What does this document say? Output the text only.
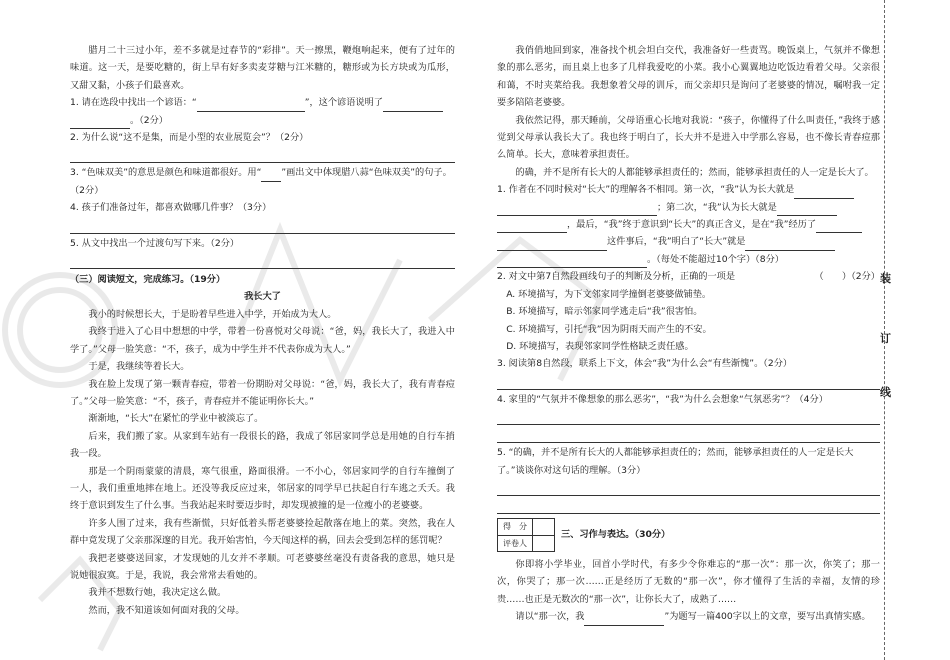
腊月二十三过小年，差不多就是过春节的“彩排”。天一擦黑，鞭炮响起来，便有了过年的味道。这一天，是要吃糖的，街上早有好多卖麦芽糖与江米糖的，糖形或为长方块或为瓜形，又甜又黏，小孩子们最喜欢。

1. 请在选段中找出一个谚语：“	”，这个谚语说明了

。（2分）

2. 为什么说“这不是集，而是小型的农业展览会”？（2分）

3. “色味双美”的意思是颜色和味道都很好。用“ ”画出文中体现腊八蒜“色味双美”的句子。（2分）

4. 孩子们准备过年，都喜欢做哪几件事？（3分）

5. 从文中找出一个过渡句写下来。（2分）

（三）阅读短文，完成练习。（19分）

我长大了

我小的时候想长大，于是盼着早些进入中学，开始成为大人。

我终于进入了心目中想想的中学，带着一份喜悦对父母说：“爸，妈，我长大了，我进入中学了。”父母一脸笑意：“不，孩子，成为中学生并不代表你成为大人。”

于是，我继续等着长大。

我在脸上发现了第一颗青春痘，带着一份期盼对父母说：“爸，妈，我长大了，我有青春痘了。”父母一脸笑意：“不，孩子，青春痘并不能证明你长大。”

渐渐地，“长大”在紧忙的学业中被淡忘了。

后来，我们搬了家。从家到车站有一段很长的路，我成了邻居家同学总是用她的自行车捎我一段。

那是一个阴雨蒙蒙的清晨，寒气很重，路面很滑。一不小心，邻居家同学的自行车撞倒了一人，我们重重地摔在地上。还没等我反应过来，邻居家的同学早已扶起自行车逃之夭夭。我终于意识到发生了什么事。当我站起来时要迈步时，却发现被撞的是一位瘦小的老婆婆。

许多人围了过来，我有些渐慌，只好低着头帮老婆婆捡起散落在地上的菜。突然，我在人群中竟发现了父亲那深邃的目光。我开始害怕，今天闯这样的祸，回去会受到怎样的惩罚呢？

我把老婆婆送回家，才发现她的儿女并不孝顺。可老婆婆丝毫没有责备我的意思，她只是说她很寂寞。于是，我说，我会常常去看她的。

我并不想数行她，我决定这么做。

然而，我不知道该如何面对我的父母。

我俏俏地回到家，准备找个机会坦白交代，我准备好一些责骂。晚饭桌上，气氛并不像想象的那么恶劣，而且桌上也多了几样我爱吃的小菜。我小心翼翼地边吃饭边看着父母。父亲很和蔼，不时夹菜给我。我想象着父母的训斥，而父亲却只是询问了老婆婆的情况，嘱咐我一定要多陪陪老婆婆。

我依然记得，那天睡前，父母语重心长地对我说：“孩子，你懂得了什么叫责任，”我终于感觉到父母承认我长大了。我也终于明白了，长大并不是进入中学那么容易，也不像长青春痘那么简单。长大，意味着承担责任。

的确，并不是所有长大的人都能够承担责任的；然而，能够承担责任的人一定是长大了。

1. 作者在不同时候对“长大”的理解各不相同。第一次，“我”认为长大就是

；第二次，“我”认为长大就是

，最后，“我”终于意识到“长大”的真正含义，是在“我”经历了

这件事后，“我”明白了“长大”就是

。（每处不能超过10个字）（8分）

2. 对文中第7自然段画线句子的判断及分析，正确的一项是	（　　）（2分）

A. 环境描写，为下文邻家同学撞倒老婆婆做铺垫。

B. 环境描写，暗示邻家同学逃走后“我”很害怕。

C. 环境描写，引托“我”因为阴雨天而产生的不安。

D. 环境描写，表现邻家同学性格缺乏责任感。

3. 阅读第8自然段，联系上下文，体会“我”为什么会“有些渐愧”。（2分）

4. 家里的“气氛并不像想象的那么恶劣”，“我”为什么会想象“气氛恶劣”？（4分）

5. “的确，并不是所有长大的人都能够承担责任的；然而，能够承担责任的人一定是长大了。”谈谈你对这句话的理解。（3分）

得　分
评卷人
三、习作与表达。（30分）

你即将小学毕业，回首小学时代，有多少令你难忘的“那一次”：那一次，你笑了；那一次，你哭了；那一次……正是经历了无数的“那一次”，你才懂得了生活的幸福，友情的珍贵……也正是无数次的“那一次”，让你长大了，成熟了……

请以“那一次，我	”为题写一篇400字以上的文章，要写出真情实感。

装
订
线
